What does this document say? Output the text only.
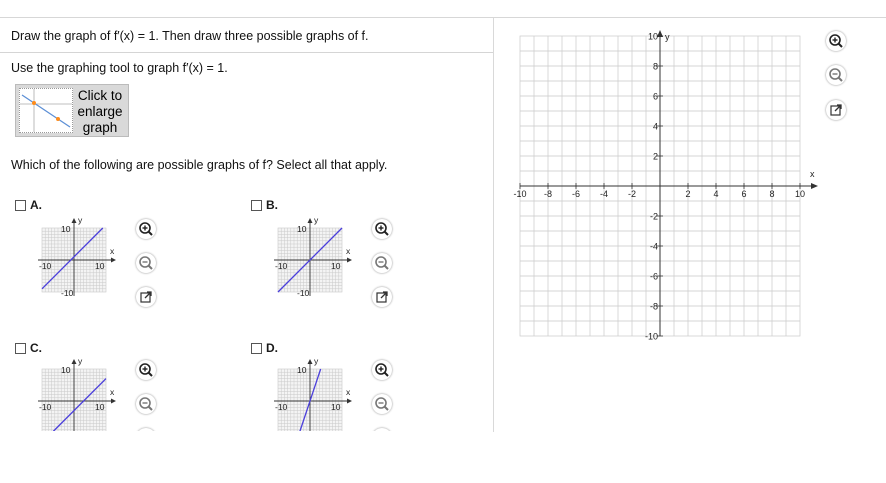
Draw the graph of f′(x) = 1. Then draw three possible graphs of f.
Use the graphing tool to graph f′(x) = 1.
Click to
enlarge
graph
Which of the following are possible graphs of f? Select all that apply.
A.	B.
C.	D.
y
x
-10	10
10
-10
y
x
-10	10
10
-10
y
x
-10	10
10
y
x
-10	10
10
y
x
-10 -8 -6 -4 -2	2	4	6	8 10
10
8
6
4
2
-2
-4
-6
-8
-10
